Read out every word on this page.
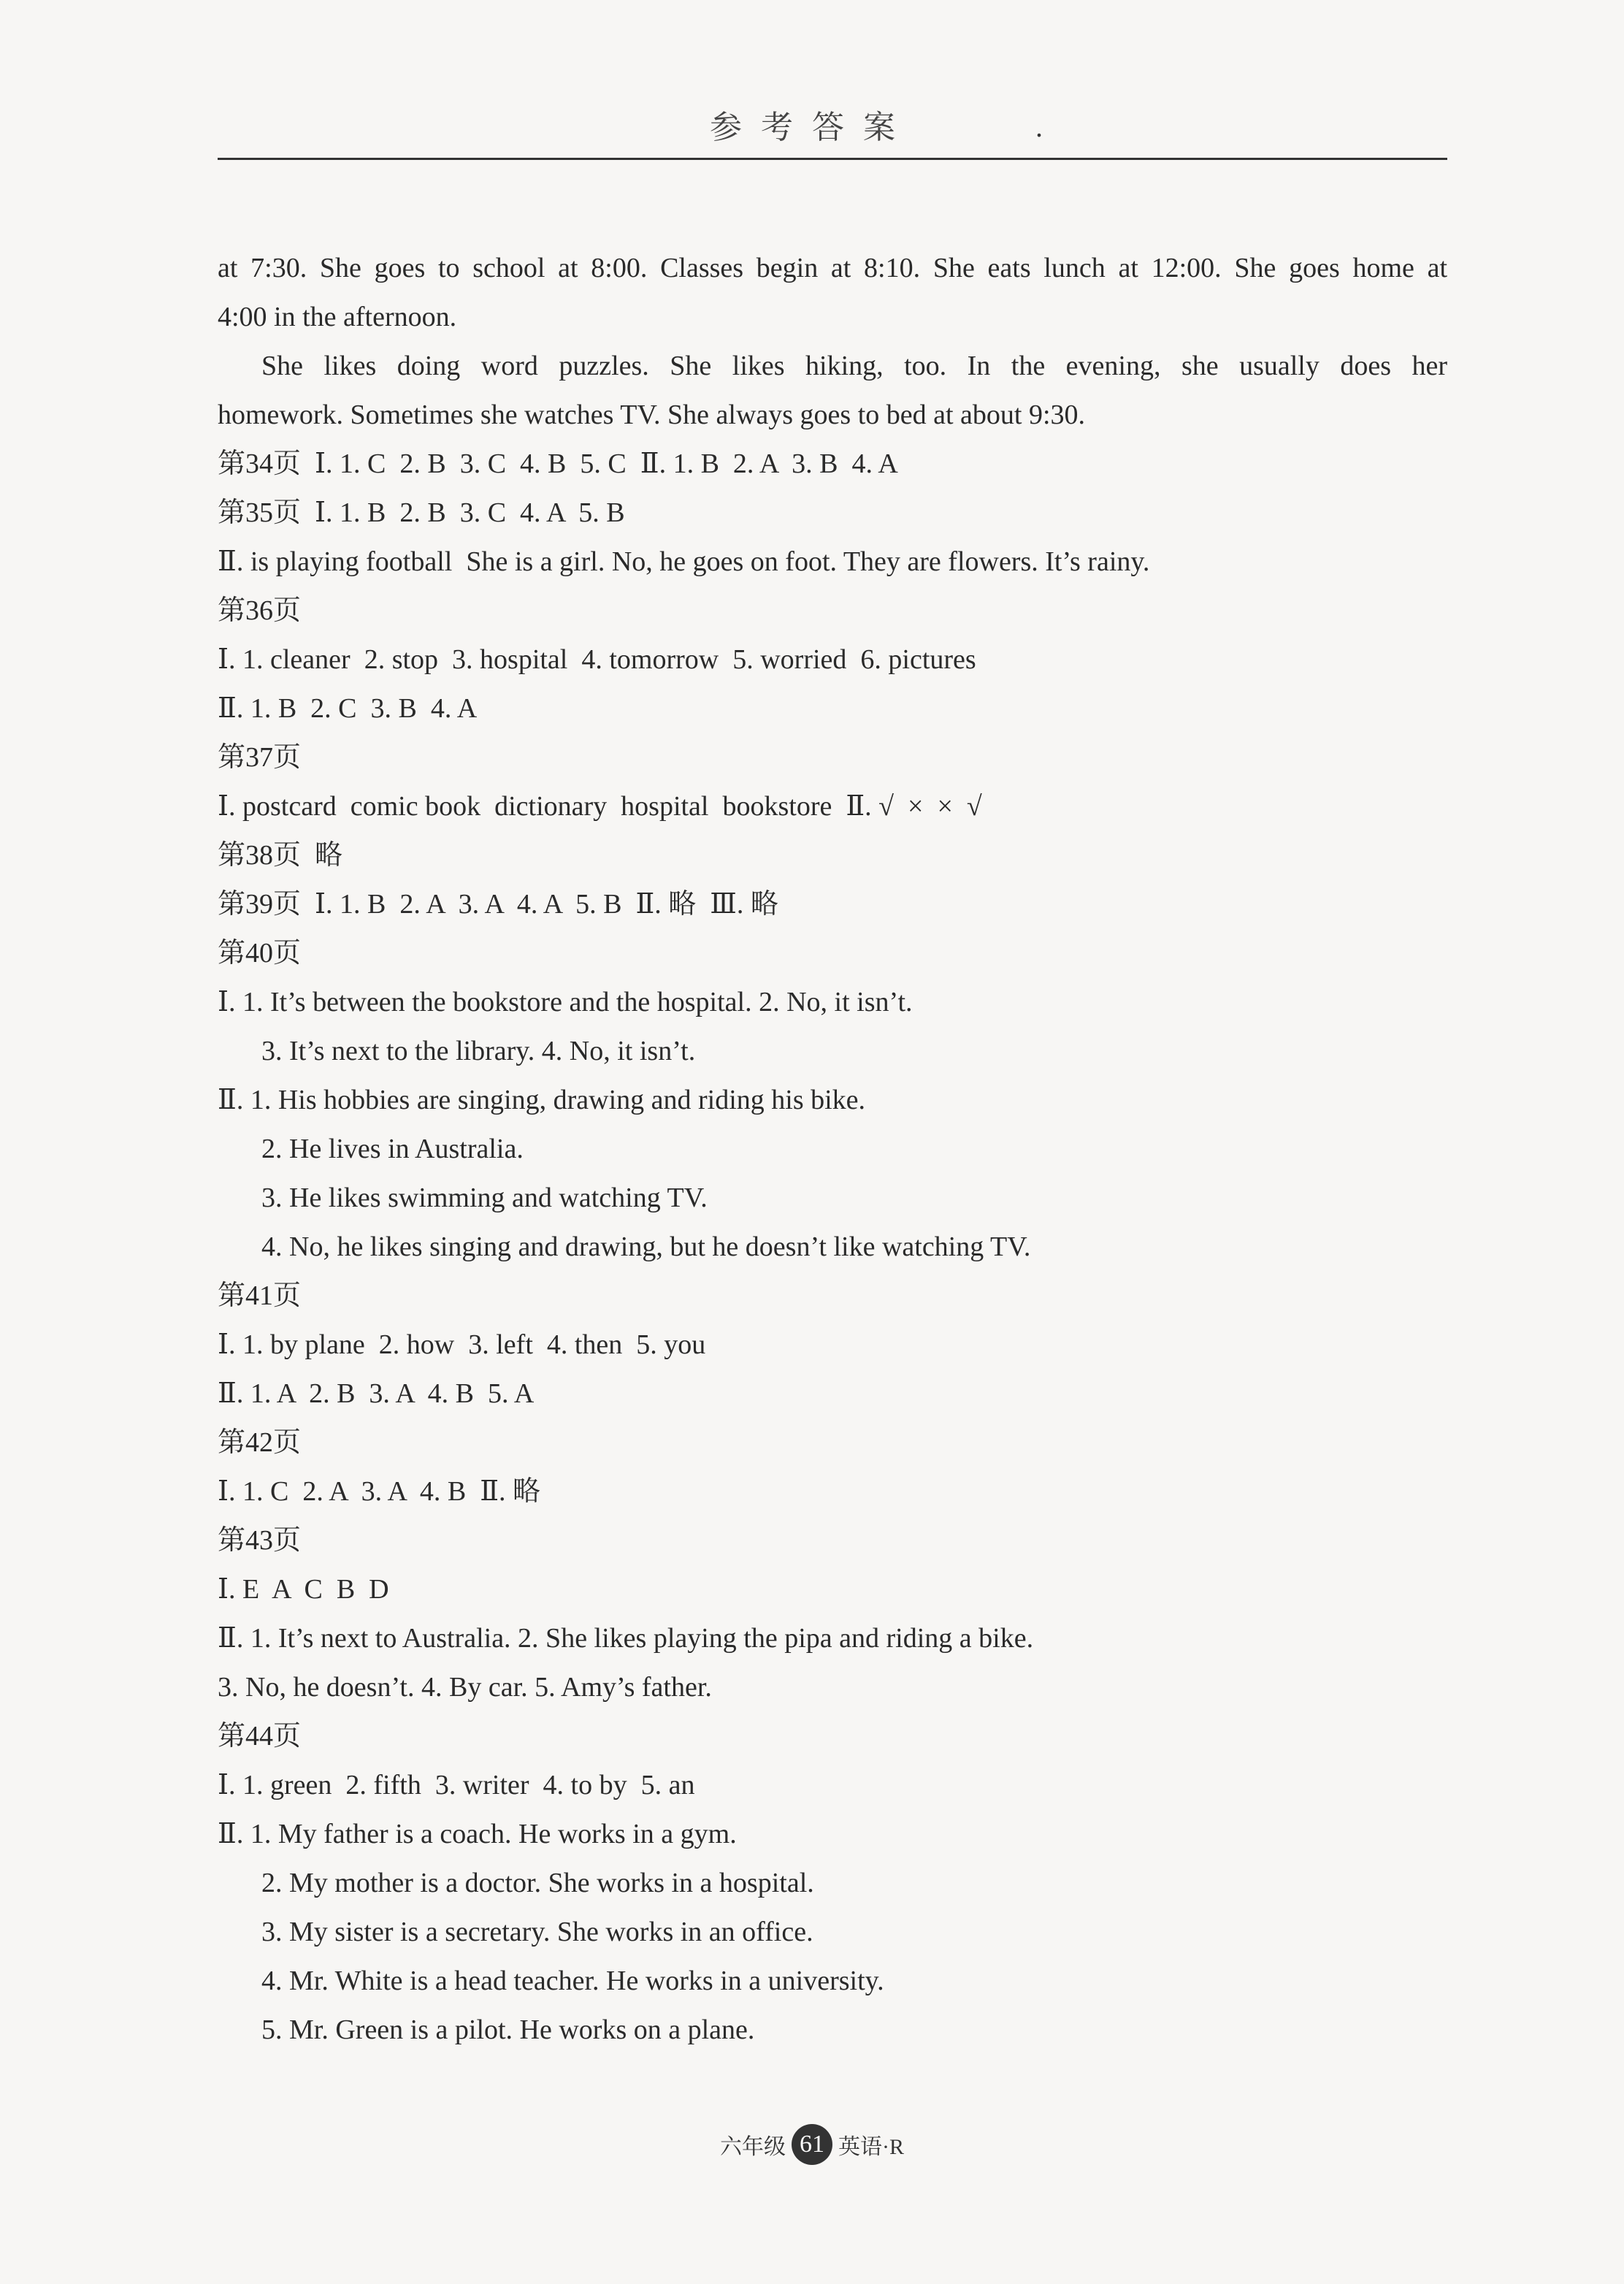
参考答案	.
at 7:30. She goes to school at 8:00. Classes begin at 8:10. She eats lunch at 12:00. She goes home at
4:00 in the afternoon.
She likes doing word puzzles. She likes hiking, too. In the evening, she usually does her
homework. Sometimes she watches TV. She always goes to bed at about 9:30.
第34页  Ⅰ. 1. C  2. B  3. C  4. B  5. C  Ⅱ. 1. B  2. A  3. B  4. A
第35页  Ⅰ. 1. B  2. B  3. C  4. A  5. B
Ⅱ. is playing football  She is a girl. No, he goes on foot. They are flowers. It’s rainy.
第36页
Ⅰ. 1. cleaner  2. stop  3. hospital  4. tomorrow  5. worried  6. pictures
Ⅱ. 1. B  2. C  3. B  4. A
第37页
Ⅰ. postcard  comic book  dictionary  hospital  bookstore  Ⅱ. √  ×  ×  √
第38页  略
第39页  Ⅰ. 1. B  2. A  3. A  4. A  5. B  Ⅱ. 略  Ⅲ. 略
第40页
Ⅰ. 1. It’s between the bookstore and the hospital. 2. No, it isn’t.
3. It’s next to the library. 4. No, it isn’t.
Ⅱ. 1. His hobbies are singing, drawing and riding his bike.
2. He lives in Australia.
3. He likes swimming and watching TV.
4. No, he likes singing and drawing, but he doesn’t like watching TV.
第41页
Ⅰ. 1. by plane  2. how  3. left  4. then  5. you
Ⅱ. 1. A  2. B  3. A  4. B  5. A
第42页
Ⅰ. 1. C  2. A  3. A  4. B  Ⅱ. 略
第43页
Ⅰ. E  A  C  B  D
Ⅱ. 1. It’s next to Australia. 2. She likes playing the pipa and riding a bike.
3. No, he doesn’t. 4. By car. 5. Amy’s father.
第44页
Ⅰ. 1. green  2. fifth  3. writer  4. to by  5. an
Ⅱ. 1. My father is a coach. He works in a gym.
2. My mother is a doctor. She works in a hospital.
3. My sister is a secretary. She works in an office.
4. Mr. White is a head teacher. He works in a university.
5. Mr. Green is a pilot. He works on a plane.
六年级 61 英语·R
